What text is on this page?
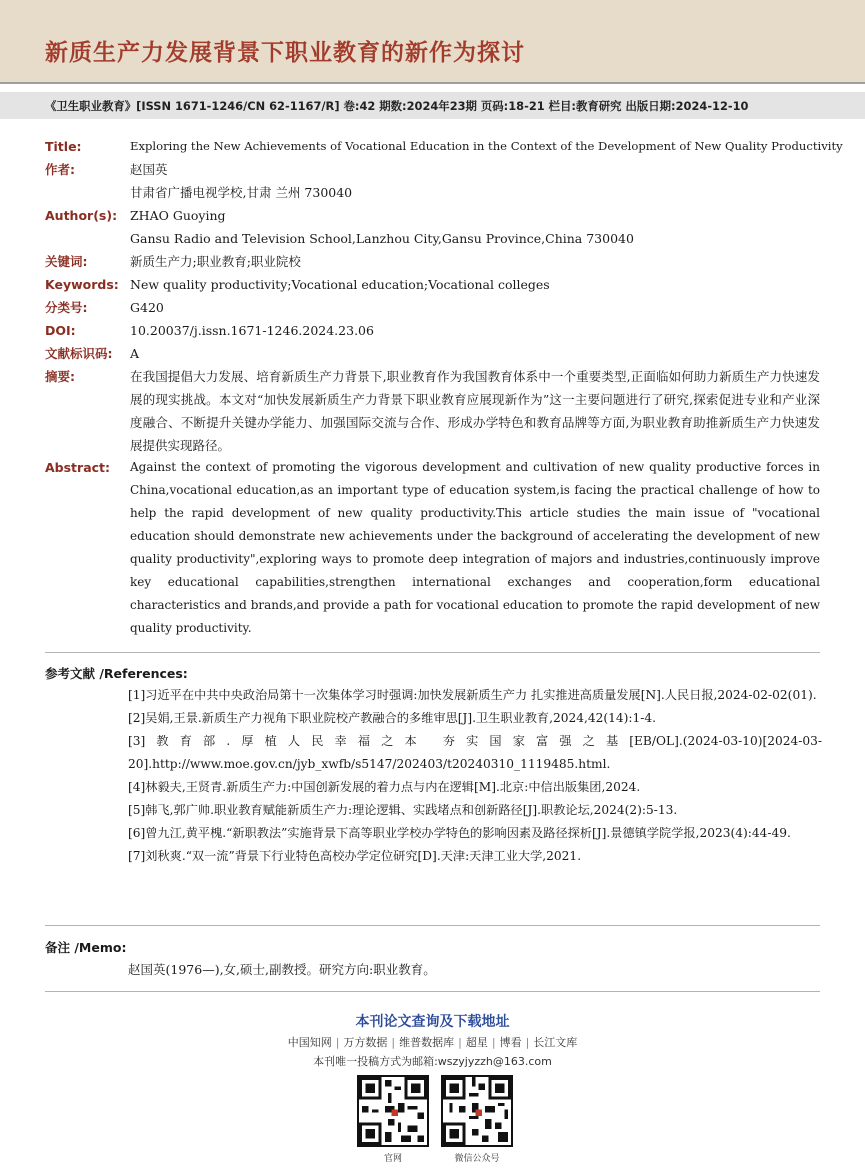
新质生产力发展背景下职业教育的新作为探讨
《卫生职业教育》[ISSN 1671-1246/CN 62-1167/R] 卷:42 期数:2024年23期 页码:18-21 栏目:教育研究 出版日期:2024-12-10
Title:	Exploring the New Achievements of Vocational Education in the Context of the Development of New Quality Productivity
作者:	赵国英
甘肃省广播电视学校,甘肃 兰州 730040
Author(s): ZHAO Guoying
Gansu Radio and Television School,Lanzhou City,Gansu Province,China 730040
关键词:	新质生产力;职业教育;职业院校
Keywords: New quality productivity;Vocational education;Vocational colleges
分类号:	G420
DOI:	10.20037/j.issn.1671-1246.2024.23.06
文献标识码: A
摘要:	在我国提倡大力发展、培育新质生产力背景下,职业教育作为我国教育体系中一个重要类型,正面临如何助力新质生产力快速发展的现实挑战。本文对“加快发展新质生产力背景下职业教育应展现新作为”这一主要问题进行了研究,探索促进专业和产业深度融合、不断提升关键办学能力、加强国际交流与合作、形成办学特色和教育品牌等方面,为职业教育助推新质生产力快速发展提供实现路径。
Abstract: Against the context of promoting the vigorous development and cultivation of new quality productive forces in China,vocational education,as an important type of education system,is facing the practical challenge of how to help the rapid development of new quality productivity.This article studies the main issue of "vocational education should demonstrate new achievements under the background of accelerating the development of new quality productivity",exploring ways to promote deep integration of majors and industries,continuously improve key educational capabilities,strengthen international exchanges and cooperation,form educational characteristics and brands,and provide a path for vocational education to promote the rapid development of new quality productivity.
参考文献 /References:
[1]习近平在中共中央政治局第十一次集体学习时强调:加快发展新质生产力 扎实推进高质量发展[N].人民日报,2024-02-02(01).
[2]吴娟,王景.新质生产力视角下职业院校产教融合的多维审思[J].卫生职业教育,2024,42(14):1-4.
[3]教育部.厚植人民幸福之本 夯实国家富强之基[EB/OL].(2024-03-10)[2024-03-20].http://www.moe.gov.cn/jyb_xwfb/s5147/202403/t20240310_1119485.html.
[4]林毅夫,王贤青.新质生产力:中国创新发展的着力点与内在逻辑[M].北京:中信出版集团,2024.
[5]韩飞,郭广帅.职业教育赋能新质生产力:理论逻辑、实践堵点和创新路径[J].职教论坛,2024(2):5-13.
[6]曾九江,黄平槐.“新职教法”实施背景下高等职业学校办学特色的影响因素及路径探析[J].景德镇学院学报,2023(4):44-49.
[7]刘秋爽.“双一流”背景下行业特色高校办学定位研究[D].天津:天津工业大学,2021.
备注 /Memo:
赵国英(1976—),女,硕士,副教授。研究方向:职业教育。
本刊论文查询及下载地址
中国知网 | 万方数据 | 维普数据库 | 超星 | 博看 | 长江文库
本刊唯一投稿方式为邮箱:wszyjyzzh@163.com
官网	微信公众号
